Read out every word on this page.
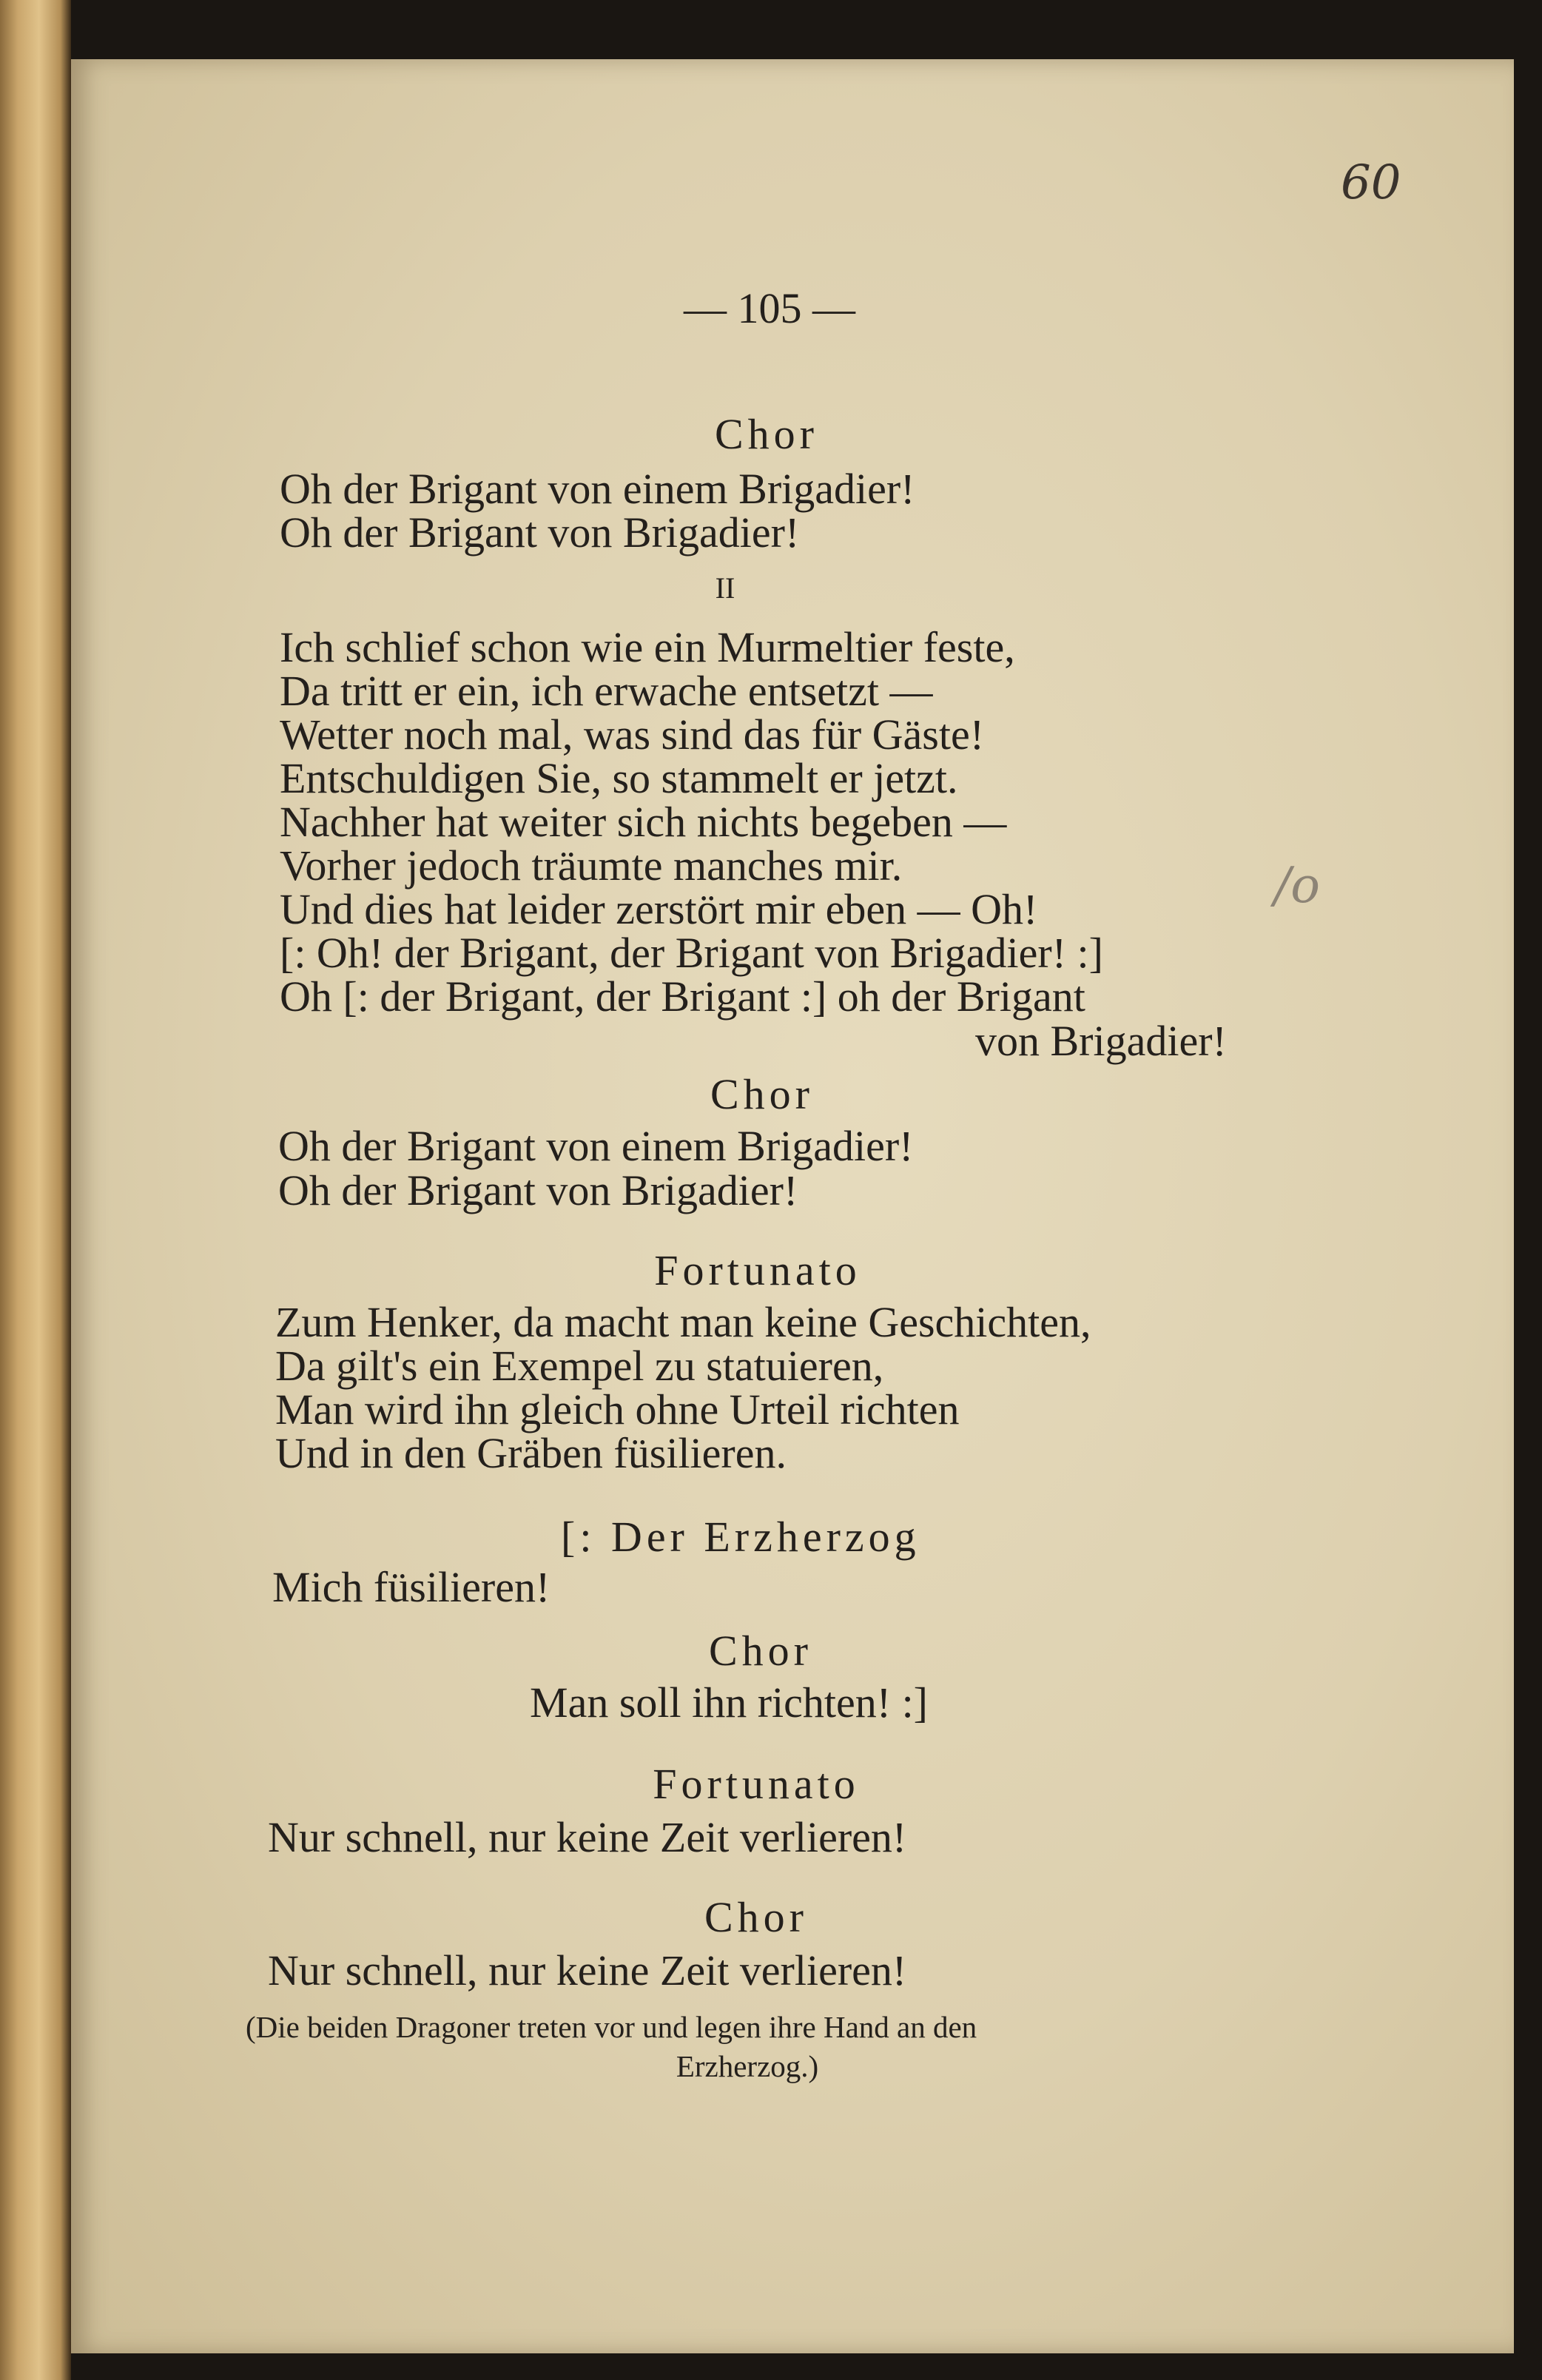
60
/o
— 105 —
Chor
Oh der Brigant von einem Brigadier!
Oh der Brigant von Brigadier!
II
Ich schlief schon wie ein Murmeltier feste,
Da tritt er ein, ich erwache entsetzt —
Wetter noch mal, was sind das für Gäste!
Entschuldigen Sie, so stammelt er jetzt.
Nachher hat weiter sich nichts begeben —
Vorher jedoch träumte manches mir.
Und dies hat leider zerstört mir eben — Oh!
[: Oh! der Brigant, der Brigant von Brigadier! :]
Oh [: der Brigant, der Brigant :] oh der Brigant
von Brigadier!
Chor
Oh der Brigant von einem Brigadier!
Oh der Brigant von Brigadier!
Fortunato
Zum Henker, da macht man keine Geschichten,
Da gilt's ein Exempel zu statuieren,
Man wird ihn gleich ohne Urteil richten
Und in den Gräben füsilieren.
[: Der Erzherzog
Mich füsilieren!
Chor
Man soll ihn richten! :]
Fortunato
Nur schnell, nur keine Zeit verlieren!
Chor
Nur schnell, nur keine Zeit verlieren!
(Die beiden Dragoner treten vor und legen ihre Hand an den
Erzherzog.)
